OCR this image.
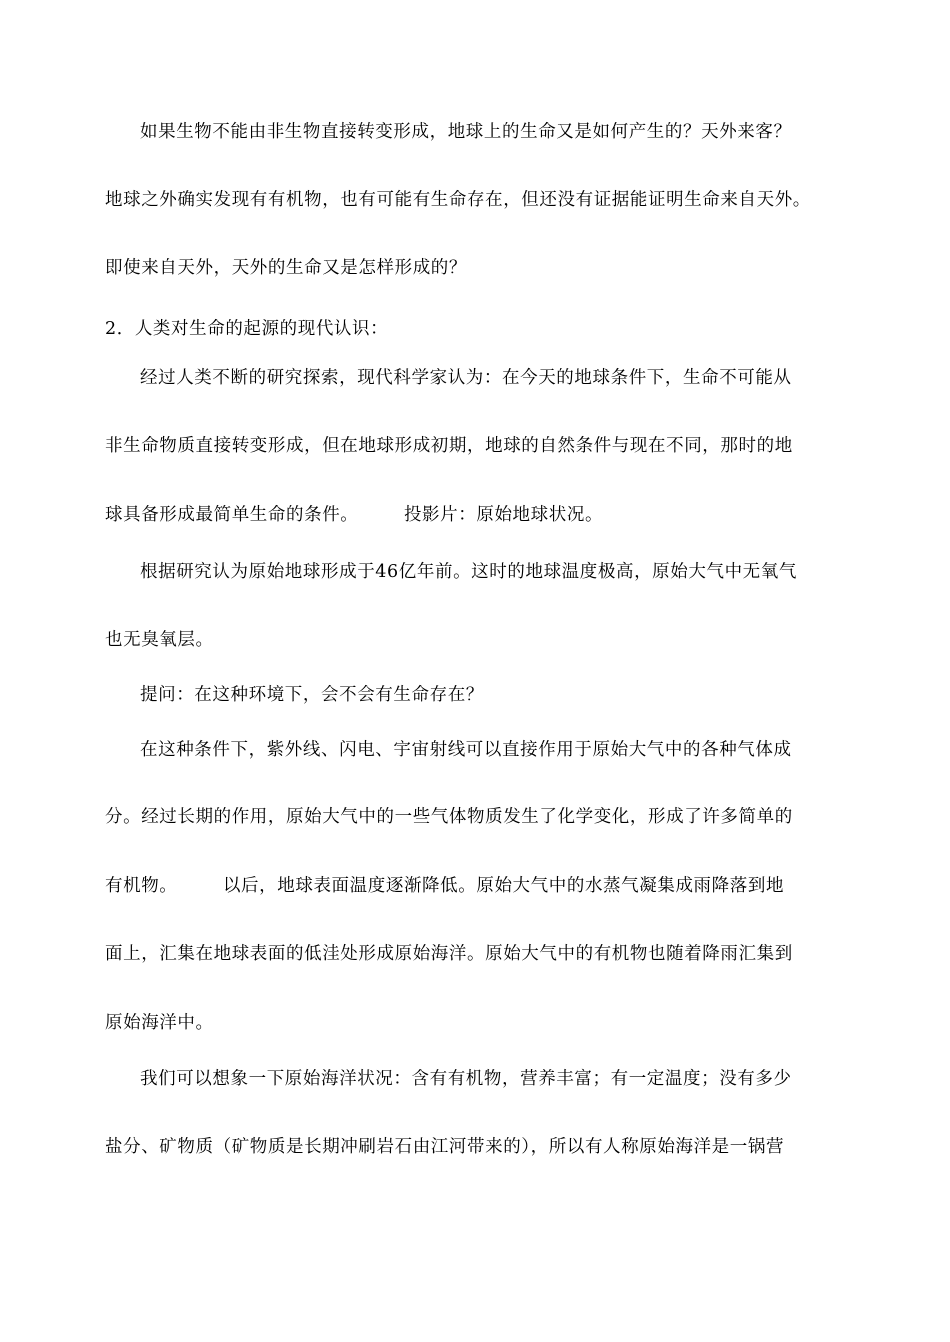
如果生物不能由非生物直接转变形成，地球上的生命又是如何产生的？天外来客？
地球之外确实发现有有机物，也有可能有生命存在，但还没有证据能证明生命来自天外。
即使来自天外，天外的生命又是怎样形成的？
2．人类对生命的起源的现代认识：
经过人类不断的研究探索，现代科学家认为：在今天的地球条件下，生命不可能从
非生命物质直接转变形成，但在地球形成初期，地球的自然条件与现在不同，那时的地
球具备形成最简单生命的条件。　　　投影片：原始地球状况。
根据研究认为原始地球形成于46亿年前。这时的地球温度极高，原始大气中无氧气
也无臭氧层。
提问：在这种环境下，会不会有生命存在？
在这种条件下，紫外线、闪电、宇宙射线可以直接作用于原始大气中的各种气体成
分。经过长期的作用，原始大气中的一些气体物质发生了化学变化，形成了许多简单的
有机物。　　　以后，地球表面温度逐渐降低。原始大气中的水蒸气凝集成雨降落到地
面上，汇集在地球表面的低洼处形成原始海洋。原始大气中的有机物也随着降雨汇集到
原始海洋中。
我们可以想象一下原始海洋状况：含有有机物，营养丰富；有一定温度；没有多少
盐分、矿物质（矿物质是长期冲刷岩石由江河带来的），所以有人称原始海洋是一锅营
